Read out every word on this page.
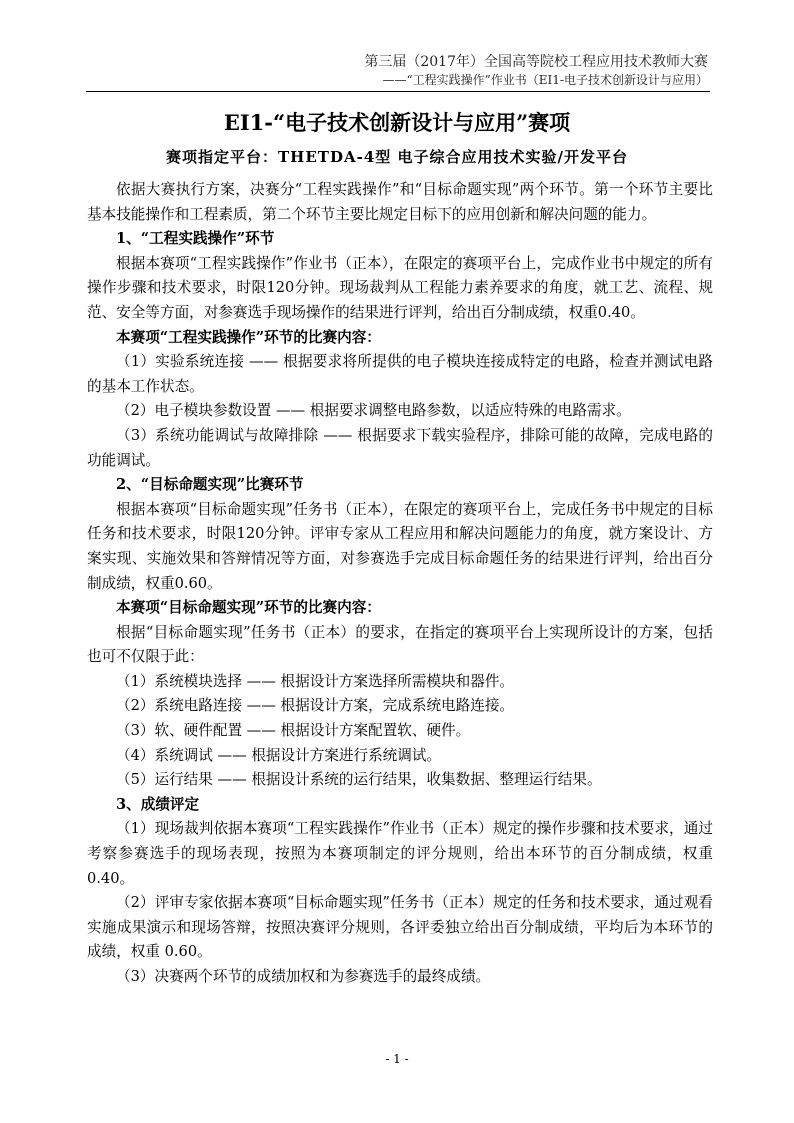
第三届（2017年）全国高等院校工程应用技术教师大赛
——“工程实践操作”作业书（EI1-电子技术创新设计与应用）
EI1-“电子技术创新设计与应用”赛项
赛项指定平台：THETDA-4型 电子综合应用技术实验/开发平台

依据大赛执行方案，决赛分“工程实践操作”和“目标命题实现”两个环节。第一个环节主要比基本技能操作和工程素质，第二个环节主要比规定目标下的应用创新和解决问题的能力。

1、“工程实践操作”环节

根据本赛项“工程实践操作”作业书（正本），在限定的赛项平台上，完成作业书中规定的所有操作步骤和技术要求，时限120分钟。现场裁判从工程能力素养要求的角度，就工艺、流程、规范、安全等方面，对参赛选手现场操作的结果进行评判，给出百分制成绩，权重0.40。

本赛项“工程实践操作”环节的比赛内容：

（1）实验系统连接 —— 根据要求将所提供的电子模块连接成特定的电路，检查并测试电路的基本工作状态。

（2）电子模块参数设置 —— 根据要求调整电路参数，以适应特殊的电路需求。

（3）系统功能调试与故障排除 —— 根据要求下载实验程序，排除可能的故障，完成电路的功能调试。

2、“目标命题实现”比赛环节

根据本赛项“目标命题实现”任务书（正本），在限定的赛项平台上，完成任务书中规定的目标任务和技术要求，时限120分钟。评审专家从工程应用和解决问题能力的角度，就方案设计、方案实现、实施效果和答辩情况等方面，对参赛选手完成目标命题任务的结果进行评判，给出百分制成绩，权重0.60。

本赛项“目标命题实现”环节的比赛内容：

根据“目标命题实现”任务书（正本）的要求，在指定的赛项平台上实现所设计的方案，包括也可不仅限于此：

（1）系统模块选择 —— 根据设计方案选择所需模块和器件。

（2）系统电路连接 —— 根据设计方案，完成系统电路连接。

（3）软、硬件配置 —— 根据设计方案配置软、硬件。

（4）系统调试 —— 根据设计方案进行系统调试。

（5）运行结果 —— 根据设计系统的运行结果，收集数据、整理运行结果。

3、成绩评定

（1）现场裁判依据本赛项“工程实践操作”作业书（正本）规定的操作步骤和技术要求，通过考察参赛选手的现场表现，按照为本赛项制定的评分规则，给出本环节的百分制成绩，权重 0.40。

（2）评审专家依据本赛项“目标命题实现”任务书（正本）规定的任务和技术要求，通过观看实施成果演示和现场答辩，按照决赛评分规则，各评委独立给出百分制成绩，平均后为本环节的成绩，权重 0.60。

（3）决赛两个环节的成绩加权和为参赛选手的最终成绩。

- 1 -
